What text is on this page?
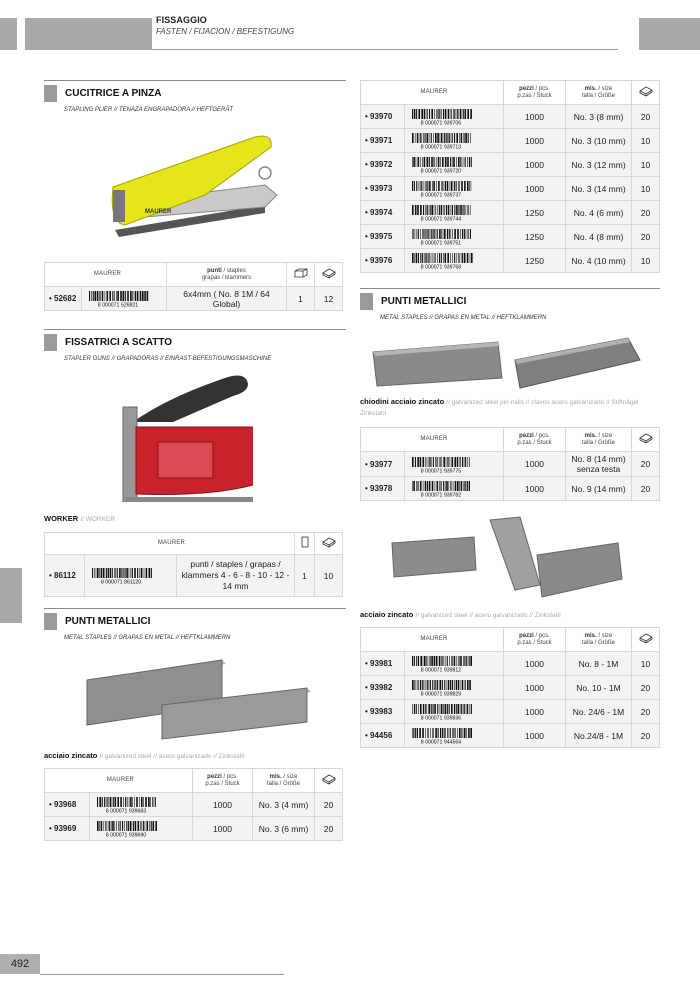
FISSAGGIO
FASTEN / FIJACION / BEFESTIGUNG
CUCITRICE A PINZA
STAPLING PLIER // TENAZA ENGRAPADORA // HEFTGERÄT
MAURER
MAURER		punti / staples
grapas / klammers		
• 52682	8 000071 526821	6x4mm ( No. 8 1M / 64 Global)	1	12
FISSATRICI A SCATTO
STAPLER GUNS // GRAPADORAS // EINRAST-BEFESTIGUNGSMASCHINE
WORKER // WORKER
MAURER		
• 86112	8 000071 861120	punti / staples / grapas / klammers 4 - 6 - 8 - 10 - 12 - 14 mm	1	10
PUNTI METALLICI
METAL STAPLES // GRAPAS EN METAL // HEFTKLAMMERN
acciaio zincato // galvanized steel // acero galvanizado // Zinkstahl
MAURER		pezzi / pcs.
p.zas / Stuck	mis. / size
talla / Größe	
• 93968	8 000071 939683	1000	No. 3 (4 mm)	20
• 93969	8 000071 939690	1000	No. 3 (6 mm)	20
MAURER		pezzi / pcs.
p.zas / Stuck	mis. / size
talla / Größe	
• 93970	8 000071 939706	1000	No. 3 (8 mm)	20
• 93971	8 000071 939713	1000	No. 3 (10 mm)	10
• 93972	8 000071 939720	1000	No. 3 (12 mm)	10
• 93973	8 000071 939737	1000	No. 3 (14 mm)	10
• 93974	8 000071 939744	1250	No. 4 (6 mm)	20
• 93975	8 000071 939751	1250	No. 4 (8 mm)	20
• 93976	8 000071 939768	1250	No. 4 (10 mm)	10
PUNTI METALLICI
METAL STAPLES // GRAPAS EN METAL // HEFTKLAMMERN
chiodini acciaio zincato // galvanized steel pin nails // clavos acero galvanizado // Stiftnägel Zinkstahl
MAURER		pezzi / pcs.
p.zas / Stuck	mis. / size
talla / Größe	
• 93977	8 000071 939775	1000	No. 8 (14 mm) senza testa	20
• 93978	8 000071 939782	1000	No. 9 (14 mm)	20
acciaio zincato // galvanized steel // acero galvanizado // Zinkstahl
MAURER		pezzi / pcs.
p.zas / Stuck	mis. / size
talla / Größe	
• 93981	8 000071 939812	1000	No. 8 - 1M	10
• 93982	8 000071 939829	1000	No. 10 - 1M	20
• 93983	8 000071 939836	1000	No. 24/6 - 1M	20
• 94456	8 000071 944564	1000	No.24/8 - 1M	20
492
